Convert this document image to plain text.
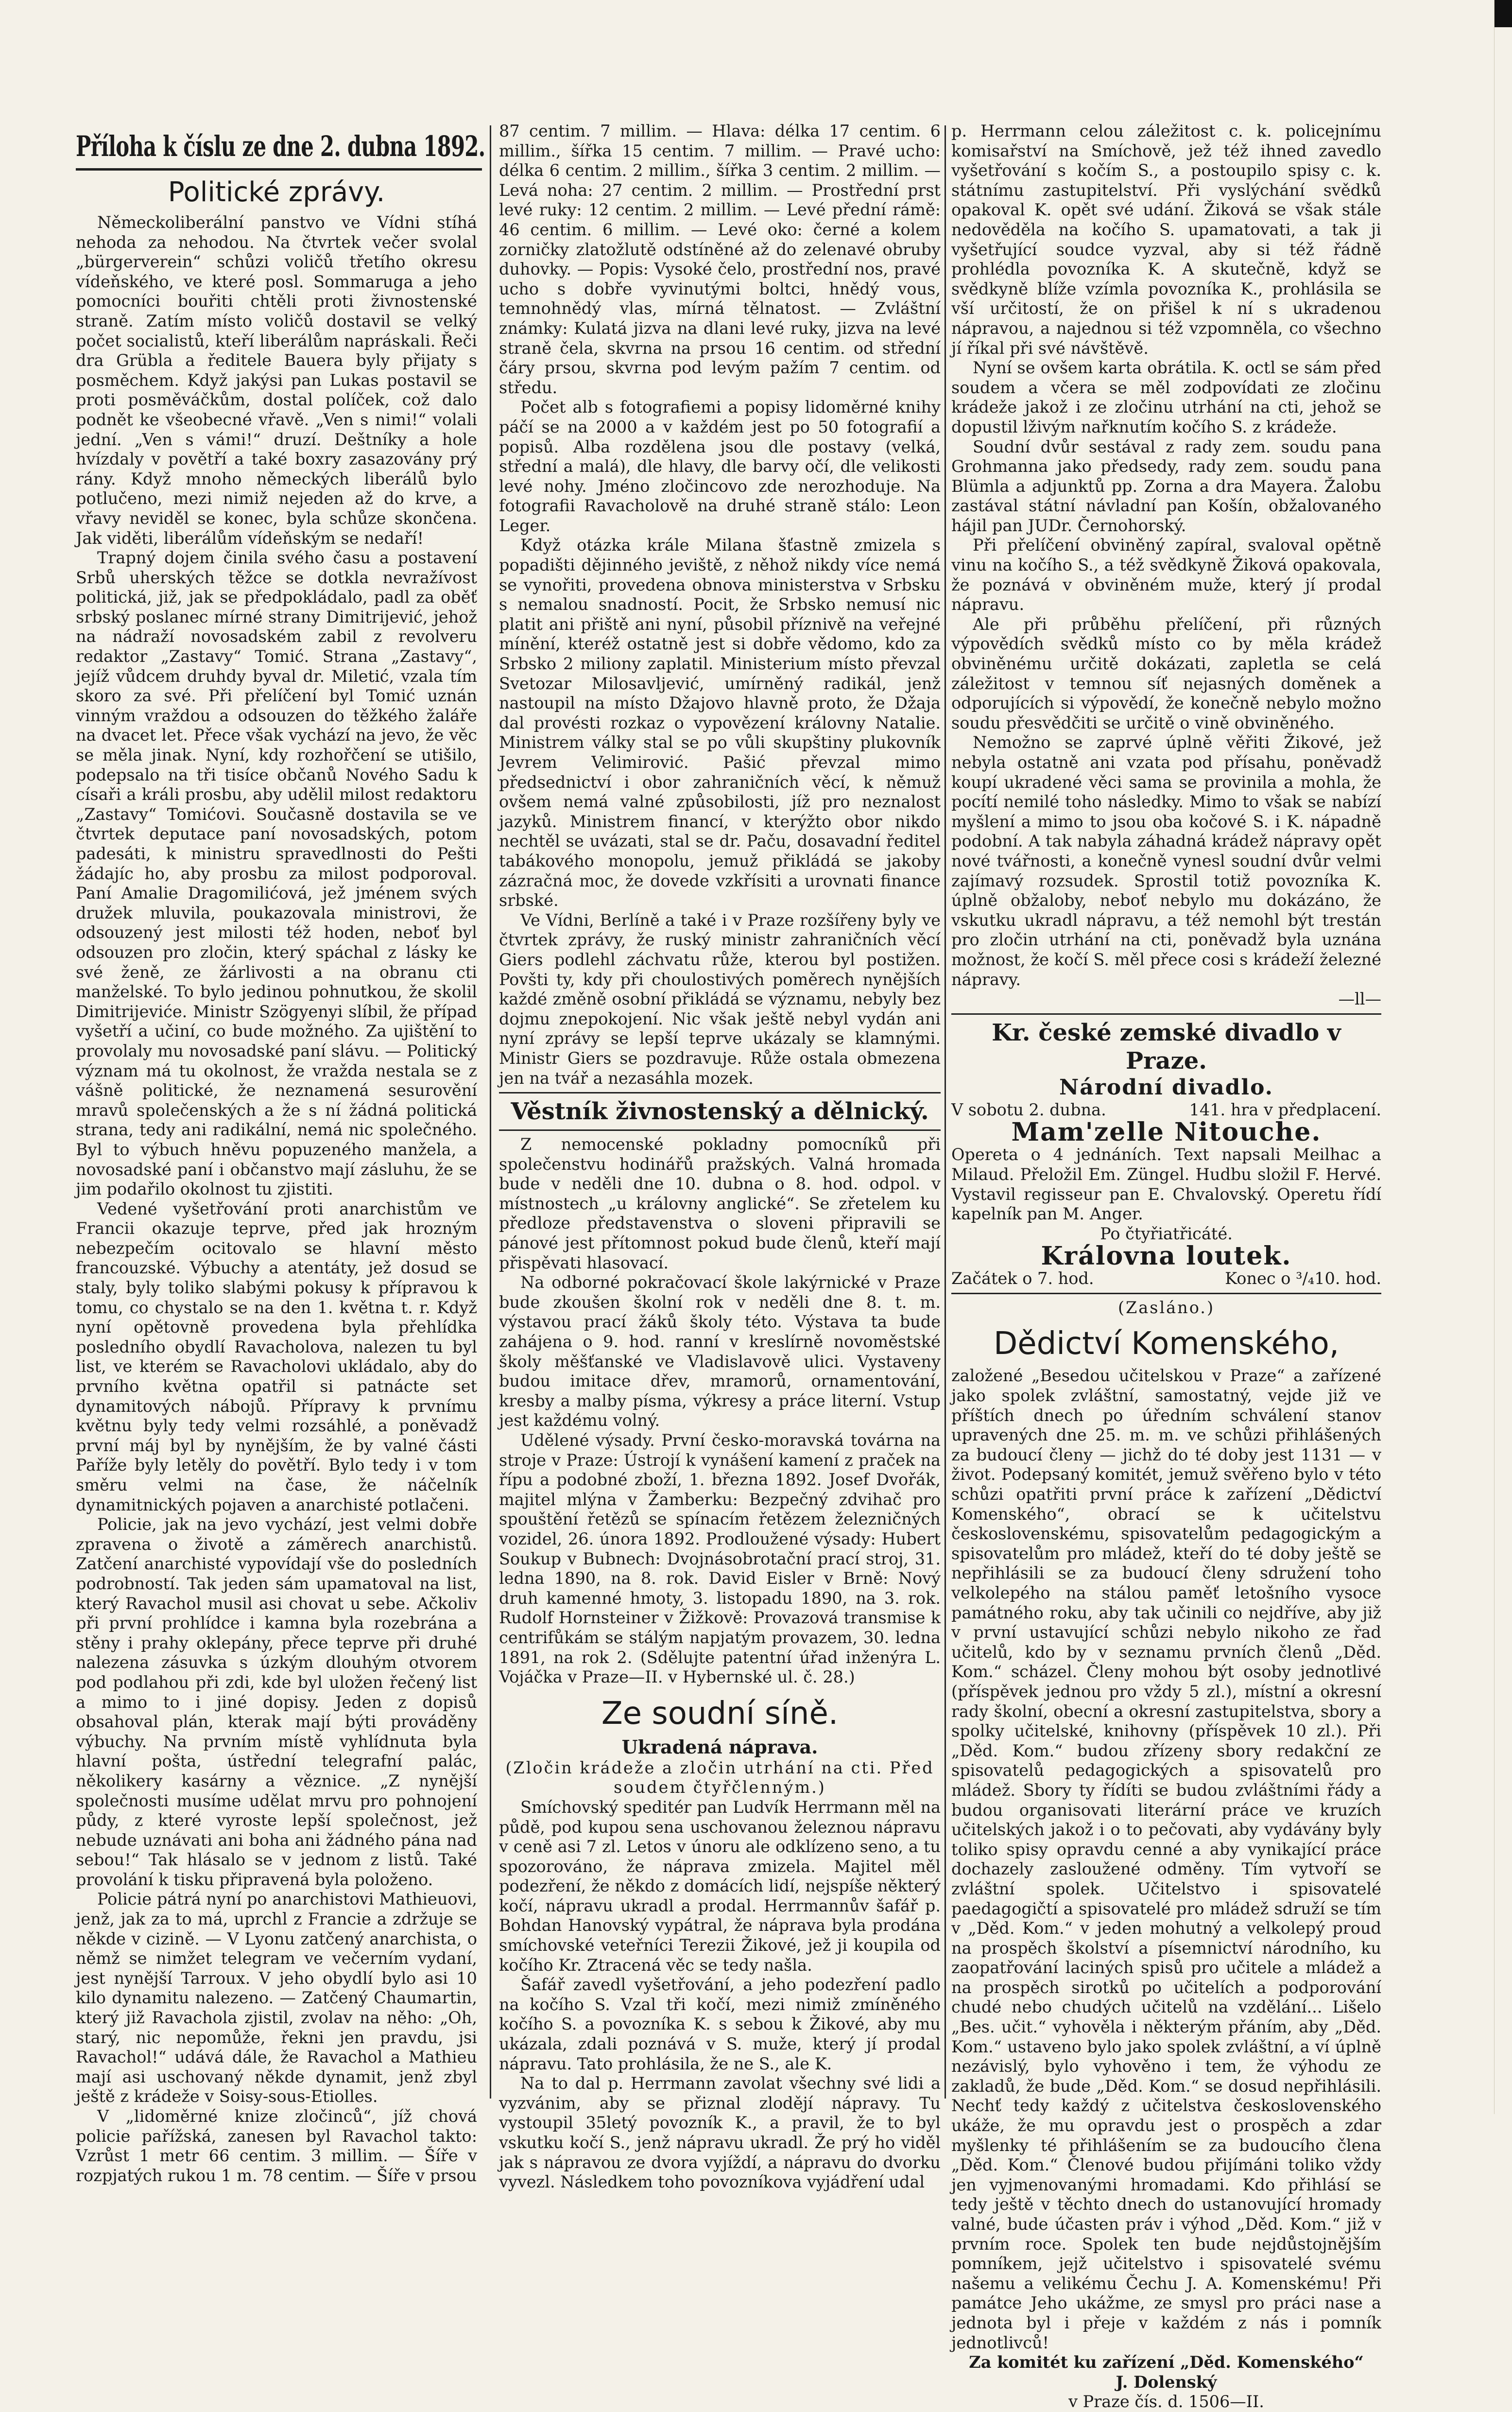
Příloha k číslu ze dne 2. dubna 1892.
Politické zprávy.

Německoliberální panstvo ve Vídni stíhá nehoda za nehodou. Na čtvrtek večer svolal „bürgerverein“ schůzi voličů třetího okresu vídeňského, ve které posl. Sommaruga a jeho pomocníci bouřiti chtěli proti živnostenské straně. Zatím místo voličů dostavil se velký počet socialistů, kteří liberálům napráskali. Řeči dra Grübla a ředitele Bauera byly přijaty s posměchem. Když jakýsi pan Lukas postavil se proti posměváčkům, dostal políček, což dalo podnět ke všeobecné vřavě. „Ven s nimi!“ volali jední. „Ven s vámi!“ druzí. Deštníky a hole hvízdaly v povětří a také boxry zasazovány prý rány. Když mnoho německých liberálů bylo potlučeno, mezi nimiž nejeden až do krve, a vřavy neviděl se konec, byla schůze skončena. Jak viděti, liberálům vídeňským se nedaří!

Trapný dojem činila svého času a postavení Srbů uherských těžce se dotkla nevražívost politická, již, jak se předpokládalo, padl za oběť srbský poslanec mírné strany Dimitrijević, jehož na nádraží novosadském zabil z revolveru redaktor „Zastavy“ Tomić. Strana „Zastavy“, jejíž vůdcem druhdy byval dr. Miletić, vzala tím skoro za své. Při přelíčení byl Tomić uznán vinným vraždou a odsouzen do těžkého žaláře na dvacet let. Přece však vychází na jevo, že věc se měla jinak. Nyní, kdy rozhořčení se utišilo, podepsalo na tři tisíce občanů Nového Sadu k císaři a králi prosbu, aby udělil milost redaktoru „Zastavy“ Tomićovi. Současně dostavila se ve čtvrtek deputace paní novosadských, potom padesáti, k ministru spravedlnosti do Pešti žádajíc ho, aby prosbu za milost podporoval. Paní Amalie Dragomilićová, jež jménem svých družek mluvila, poukazovala ministrovi, že odsouzený jest milosti též hoden, neboť byl odsouzen pro zločin, který spáchal z lásky ke své ženě, ze žárlivosti a na obranu cti manželské. To bylo jedinou pohnutkou, že skolil Dimitrijeviće. Ministr Szögyenyi slíbil, že případ vyšetří a učiní, co bude možného. Za ujištění to provolaly mu novosadské paní slávu. — Politický význam má tu okolnost, že vražda nestala se z vášně politické, že neznamená sesurovění mravů společenských a že s ní žádná politická strana, tedy ani radikální, nemá nic společného. Byl to výbuch hněvu popuzeného manžela, a novosadské paní i občanstvo mají zásluhu, že se jim podařilo okolnost tu zjistiti.

Vedené vyšetřování proti anarchistům ve Francii okazuje teprve, před jak hrozným nebezpečím ocitovalo se hlavní město francouzské. Výbuchy a atentáty, jež dosud se staly, byly toliko slabými pokusy k přípravou k tomu, co chystalo se na den 1. května t. r. Když nyní opětovně provedena byla přehlídka posledního obydlí Ravacholova, nalezen tu byl list, ve kterém se Ravacholovi ukládalo, aby do prvního května opatřil si patnácte set dynamitových nábojů. Přípravy k prvnímu květnu byly tedy velmi rozsáhlé, a poněvadž první máj byl by nynějším, že by valné části Paříže byly letěly do povětří. Bylo tedy i v tom směru velmi na čase, že náčelník dynamitnických pojaven a anarchisté potlačeni.

Policie, jak na jevo vychází, jest velmi dobře zpravena o životě a záměrech anarchistů. Zatčení anarchisté vypovídají vše do posledních podrobností. Tak jeden sám upamatoval na list, který Ravachol musil asi chovat u sebe. Ačkoliv při první prohlídce i kamna byla rozebrána a stěny i prahy oklepány, přece teprve při druhé nalezena zásuvka s úzkým dlouhým otvorem pod podlahou při zdi, kde byl uložen řečený list a mimo to i jiné dopisy. Jeden z dopisů obsahoval plán, kterak mají býti prováděny výbuchy. Na prvním místě vyhlídnuta byla hlavní pošta, ústřední telegrafní palác, několikery kasárny a věznice. „Z nynější společnosti musíme udělat mrvu pro pohnojení půdy, z které vyroste lepší společnost, jež nebude uznávati ani boha ani žádného pána nad sebou!“ Tak hlásalo se v jednom z listů. Také provolání k tisku připravená byla položeno.

Policie pátrá nyní po anarchistovi Mathieuovi, jenž, jak za to má, uprchl z Francie a zdržuje se někde v cizině. — V Lyonu zatčený anarchista, o němž se nimžet telegram ve večerním vydaní, jest nynější Tarroux. V jeho obydlí bylo asi 10 kilo dynamitu nalezeno. — Zatčený Chaumartin, který již Ravachola zjistil, zvolav na něho: „Oh, starý, nic nepomůže, řekni jen pravdu, jsi Ravachol!“ udává dále, že Ravachol a Mathieu mají asi uschovaný někde dynamit, jenž zbyl ještě z krádeže v Soisy-sous-Etiolles.

V „lidoměrné knize zločinců“, jíž chová policie pařížská, zanesen byl Ravachol takto: Vzrůst 1 metr 66 centim. 3 millim. — Šíře v rozpjatých rukou 1 m. 78 centim. — Šíře v prsou

87 centim. 7 millim. — Hlava: délka 17 centim. 6 millim., šířka 15 centim. 7 millim. — Pravé ucho: délka 6 centim. 2 millim., šířka 3 centim. 2 millim. — Levá noha: 27 centim. 2 millim. — Prostřední prst levé ruky: 12 centim. 2 millim. — Levé přední rámě: 46 centim. 6 millim. — Levé oko: černé a kolem zorničky zlatožlutě odstíněné až do zelenavé obruby duhovky. — Popis: Vysoké čelo, prostřední nos, pravé ucho s dobře vyvinutými boltci, hnědý vous, temnohnědý vlas, mírná tělnatost. — Zvláštní známky: Kulatá jizva na dlani levé ruky, jizva na levé straně čela, skvrna na prsou 16 centim. od střední čáry prsou, skvrna pod levým pažím 7 centim. od středu.

Počet alb s fotografiemi a popisy lidoměrné knihy páčí se na 2000 a v každém jest po 50 fotografií a popisů. Alba rozdělena jsou dle postavy (velká, střední a malá), dle hlavy, dle barvy očí, dle velikosti levé nohy. Jméno zločincovo zde nerozhoduje. Na fotografii Ravacholově na druhé straně stálo: Leon Leger.

Když otázka krále Milana šťastně zmizela s popadišti dějinného jeviště, z něhož nikdy více nemá se vynořiti, provedena obnova ministerstva v Srbsku s nemalou snadností. Pocit, že Srbsko nemusí nic platit ani přiště ani nyní, působil příznivě na veřejné mínění, kteréž ostatně jest si dobře vědomo, kdo za Srbsko 2 miliony zaplatil. Ministerium místo převzal Svetozar Milosavljević, umírněný radikál, jenž nastoupil na místo Džajovo hlavně proto, že Džaja dal provésti rozkaz o vypovězení královny Natalie. Ministrem války stal se po vůli skupštiny plukovník Jevrem Velimirović. Pašić převzal mimo předsednictví i obor zahraničních věcí, k němuž ovšem nemá valné způsobilosti, jíž pro neznalost jazyků. Ministrem financí, v kterýžto obor nikdo nechtěl se uvázati, stal se dr. Paču, dosavadní ředitel tabákového monopolu, jemuž přikládá se jakoby zázračná moc, že dovede vzkřísiti a urovnati finance srbské.

Ve Vídni, Berlíně a také i v Praze rozšířeny byly ve čtvrtek zprávy, že ruský ministr zahraničních věcí Giers podlehl záchvatu růže, kterou byl postižen. Povšti ty, kdy při choulostivých poměrech nynějších každé změně osobní přikládá se významu, nebyly bez dojmu znepokojení. Nic však ještě nebyl vydán ani nyní zprávy se lepší teprve ukázaly se klamnými. Ministr Giers se pozdravuje. Růže ostala obmezena jen na tvář a nezasáhla mozek.

Věstník živnostenský a dělnický.

Z nemocenské pokladny pomocníků při společenstvu hodinářů pražských. Valná hromada bude v neděli dne 10. dubna o 8. hod. odpol. v místnostech „u královny anglické“. Se zřetelem ku předloze představenstva o sloveni připravili se pánové jest přítomnost pokud bude členů, kteří mají přispěvati hlasovací.

Na odborné pokračovací škole lakýrnické v Praze bude zkoušen školní rok v neděli dne 8. t. m. výstavou prací žáků školy této. Výstava ta bude zahájena o 9. hod. ranní v kreslírně novoměstské školy měšťanské ve Vladislavově ulici. Vystaveny budou imitace dřev, mramorů, ornamentování, kresby a malby písma, výkresy a práce literní. Vstup jest každému volný.

Udělené výsady. První česko-moravská továrna na stroje v Praze: Ústrojí k vynášení kamení z praček na řípu a podobné zboží, 1. března 1892. Josef Dvořák, majitel mlýna v Žamberku: Bezpečný zdvihač pro spouštění řetězů se spínacím řetězem železničných vozidel, 26. února 1892. Prodloužené výsady: Hubert Soukup v Bubnech: Dvojnásobrotační prací stroj, 31. ledna 1890, na 8. rok. David Eisler v Brně: Nový druh kamenné hmoty, 3. listopadu 1890, na 3. rok. Rudolf Hornsteiner v Žižkově: Provazová transmise k centrifůkám se stálým napjatým provazem, 30. ledna 1891, na rok 2. (Sdělujte patentní úřad inženýra L. Vojáčka v Praze—II. v Hybernské ul. č. 28.)

Ze soudní síně.
Ukradená náprava.
(Zločin krádeže a zločin utrhání na cti. Před soudem čtyřčlenným.)

Smíchovský speditér pan Ludvík Herrmann měl na půdě, pod kupou sena uschovanou železnou nápravu v ceně asi 7 zl. Letos v únoru ale odklízeno seno, a tu spozorováno, že náprava zmizela. Majitel měl podezření, že někdo z domácích lidí, nejspíše některý kočí, nápravu ukradl a prodal. Herrmannův šafář p. Bohdan Hanovský vypátral, že náprava byla prodána smíchovské veteřníci Terezii Žikové, jež ji koupila od kočího Kr. Ztracená věc se tedy našla.

Šafář zavedl vyšetřování, a jeho podezření padlo na kočího S. Vzal tři kočí, mezi nimiž zmíněného kočího S. a povozníka K. s sebou k Žikové, aby mu ukázala, zdali poznává v S. muže, který jí prodal nápravu. Tato prohlásila, že ne S., ale K.

Na to dal p. Herrmann zavolat všechny své lidi a vyzvánim, aby se přiznal zlodějí nápravy. Tu vystoupil 35letý povozník K., a pravil, že to byl vskutku kočí S., jenž nápravu ukradl. Že prý ho viděl jak s nápravou ze dvora vyjíždí, a nápravu do dvorku vyvezl. Následkem toho povozníkova vyjádření udal

p. Herrmann celou záležitost c. k. policejnímu komisařství na Smíchově, jež též ihned zavedlo vyšetřování s kočím S., a postoupilo spisy c. k. státnímu zastupitelství. Při vyslýchání svědků opakoval K. opět své udání. Žiková se však stále nedověděla na kočího S. upamatovati, a tak ji vyšetřující soudce vyzval, aby si též řádně prohlédla povozníka K. A skutečně, když se svědkyně blíže vzímla povozníka K., prohlásila se vší určitostí, že on přišel k ní s ukradenou nápravou, a najednou si též vzpomněla, co všechno jí říkal při své návštěvě.

Nyní se ovšem karta obrátila. K. octl se sám před soudem a včera se měl zodpovídati ze zločinu krádeže jakož i ze zločinu utrhání na cti, jehož se dopustil lživým nařknutím kočího S. z krádeže.

Soudní dvůr sestával z rady zem. soudu pana Grohmanna jako předsedy, rady zem. soudu pana Blümla a adjunktů pp. Zorna a dra Mayera. Žalobu zastával státní návladní pan Košín, obžalovaného hájil pan JUDr. Černohorský.

Při přelíčení obviněný zapíral, svaloval opětně vinu na kočího S., a též svědkyně Žiková opakovala, že poznává v obviněném muže, který jí prodal nápravu.

Ale při průběhu přelíčení, při různých výpovědích svědků místo co by měla krádež obviněnému určitě dokázati, zapletla se celá záležitost v temnou síť nejasných doměnek a odporujících si výpovědí, že konečně nebylo možno soudu přesvědčiti se určitě o vině obviněného.

Nemožno se zaprvé úplně věřiti Žikové, jež nebyla ostatně ani vzata pod přísahu, poněvadž koupí ukradené věci sama se provinila a mohla, že pocítí nemilé toho následky. Mimo to však se nabízí myšlení a mimo to jsou oba kočové S. i K. nápadně podobní. A tak nabyla záhadná krádež nápravy opět nové tvářnosti, a konečně vynesl soudní dvůr velmi zajímavý rozsudek. Sprostil totiž povozníka K. úplně obžaloby, neboť nebylo mu dokázáno, že vskutku ukradl nápravu, a též nemohl být trestán pro zločin utrhání na cti, poněvadž byla uznána možnost, že kočí S. měl přece cosi s krádeží železné nápravy.

—ll—
Kr. české zemské divadlo v Praze.
Národní divadlo.
V sobotu 2. dubna.	141. hra v předplacení.
Mam'zelle Nitouche.

Opereta o 4 jednáních. Text napsali Meilhac a Milaud. Přeložil Em. Züngel. Hudbu složil F. Hervé. Vystavil regisseur pan E. Chvalovský. Operetu řídí kapelník pan M. Anger.

Po čtyřiatřicáté.
Královna loutek.
Začátek o 7. hod.	Konec o ³/₄10. hod.
(Zasláno.)
Dědictví Komenského,

založené „Besedou učitelskou v Praze“ a zařízené jako spolek zvláštní, samostatný, vejde již ve příštích dnech po úředním schválení stanov upravených dne 25. m. m. ve schůzi přihlášených za budoucí členy — jichž do té doby jest 1131 — v život. Podepsaný komitét, jemuž svěřeno bylo v této schůzi opatřiti první práce k zařízení „Dědictví Komenského“, obrací se k učitelstvu československému, spisovatelům pedagogickým a spisovatelům pro mládež, kteří do té doby ještě se nepřihlásili se za budoucí členy sdružení toho velkolepého na stálou paměť letošního vysoce památného roku, aby tak učinili co nejdříve, aby již v první ustavující schůzi nebylo nikoho ze řad učitelů, kdo by v seznamu prvních členů „Děd. Kom.“ scházel. Členy mohou být osoby jednotlivé (příspěvek jednou pro vždy 5 zl.), místní a okresní rady školní, obecní a okresní zastupitelstva, sbory a spolky učitelské, knihovny (příspěvek 10 zl.). Při „Děd. Kom.“ budou zřízeny sbory redakční ze spisovatelů pedagogických a spisovatelů pro mládež. Sbory ty řídíti se budou zvláštními řády a budou organisovati literární práce ve kruzích učitelských jakož i o to pečovati, aby vydávány byly toliko spisy opravdu cenné a aby vynikající práce dochazely zasloužené odměny. Tím vytvoří se zvláštní spolek. Učitelstvo i spisovatelé paedagogičtí a spisovatelé pro mládež sdruží se tím v „Děd. Kom.“ v jeden mohutný a velkolepý proud na prospěch školství a písemnictví národního, ku zaopatřování laciných spisů pro učitele a mládež a na prospěch sirotků po učitelích a podporování chudé nebo chudých učitelů na vzdělání... Lišelo „Bes. učit.“ vyhověla i některým přáním, aby „Děd. Kom.“ ustaveno bylo jako spolek zvláštní, a ví úplně nezávislý, bylo vyhověno i tem, že výhodu ze zakladů, že bude „Děd. Kom.“ se dosud nepřihlásili. Nechť tedy každý z učitelstva československého ukáže, že mu opravdu jest o prospěch a zdar myšlenky té přihlášením se za budoucího člena „Děd. Kom.“ Členové budou přijímáni toliko vždy jen vyjmenovanými hromadami. Kdo přihlásí se tedy ještě v těchto dnech do ustanovující hromady valné, bude účasten práv i výhod „Děd. Kom.“ již v prvním roce. Spolek ten bude nejdůstojnějším pomníkem, jejž učitelstvo i spisovatelé svému našemu a velikému Čechu J. A. Komenskému! Při památce Jeho ukážme, ze smysl pro práci nase a jednota byl i přeje v každém z nás i pomník jednotlivců!

Za komitét ku zařízení „Děd. Komenského“
J. Dolenský
v Praze čís. d. 1506—II.
